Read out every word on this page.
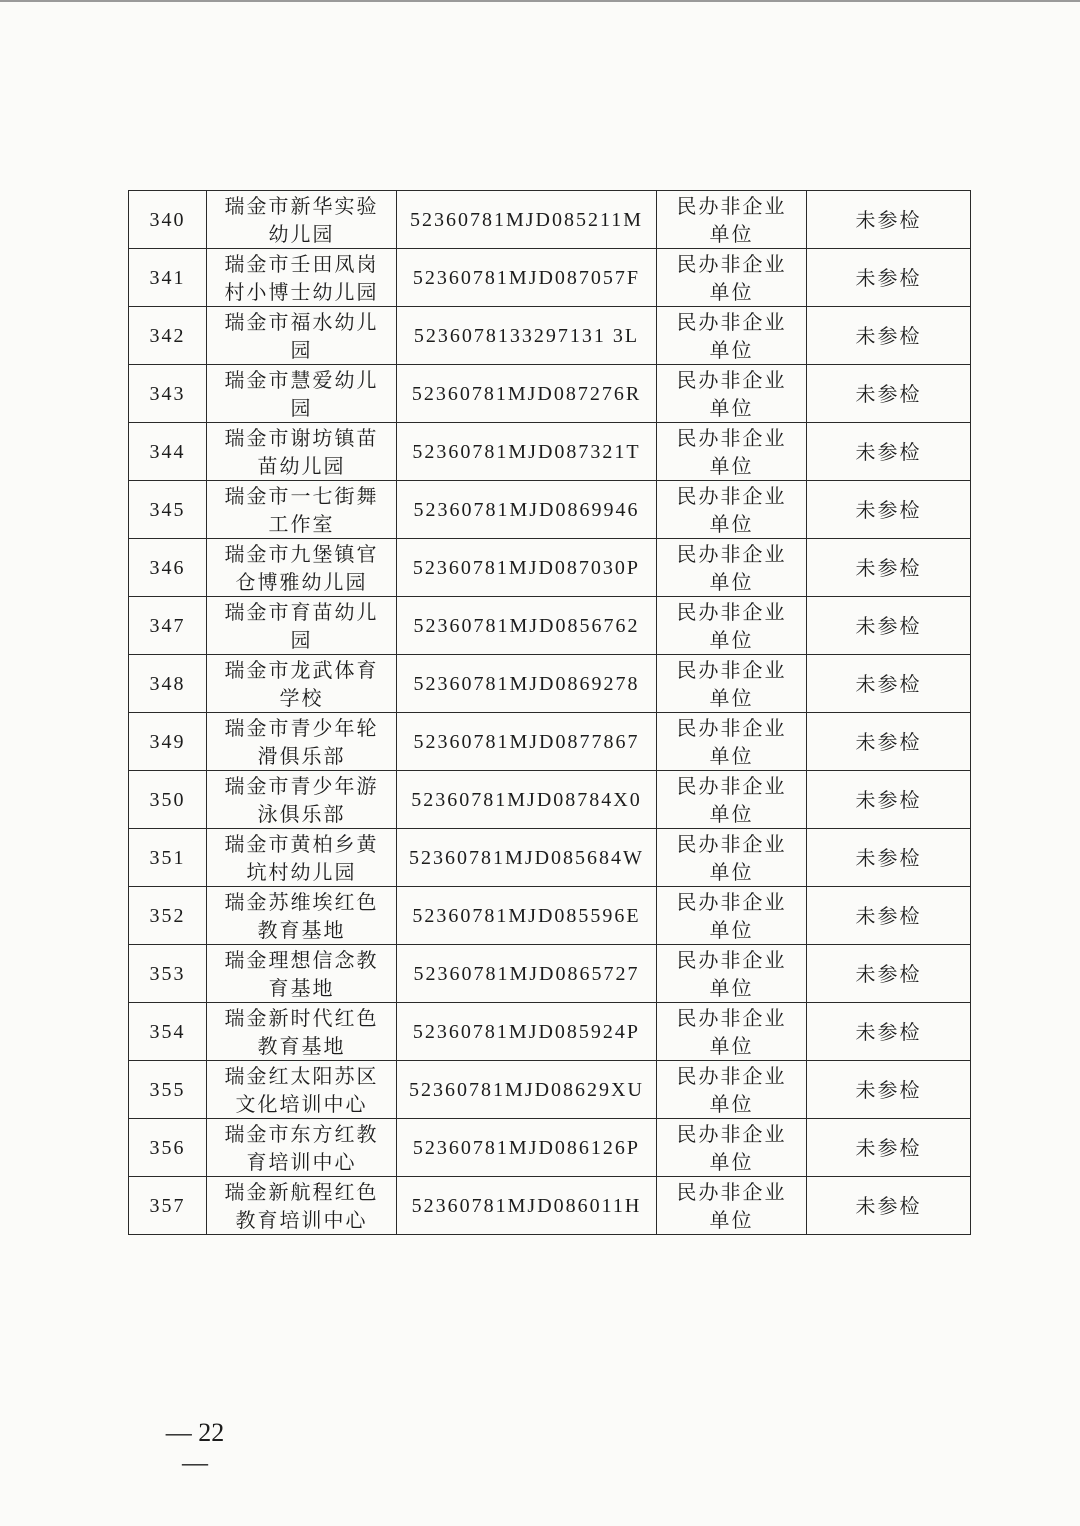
340	瑞金市新华实验幼儿园	52360781MJD085211M	民办非企业单位	未参检
341	瑞金市壬田凤岗村小博士幼儿园	52360781MJD087057F	民办非企业单位	未参检
342	瑞金市福水幼儿园	5236078133297131 3L	民办非企业单位	未参检
343	瑞金市慧爱幼儿园	52360781MJD087276R	民办非企业单位	未参检
344	瑞金市谢坊镇苗苗幼儿园	52360781MJD087321T	民办非企业单位	未参检
345	瑞金市一七街舞工作室	52360781MJD0869946	民办非企业单位	未参检
346	瑞金市九堡镇官仓博雅幼儿园	52360781MJD087030P	民办非企业单位	未参检
347	瑞金市育苗幼儿园	52360781MJD0856762	民办非企业单位	未参检
348	瑞金市龙武体育学校	52360781MJD0869278	民办非企业单位	未参检
349	瑞金市青少年轮滑俱乐部	52360781MJD0877867	民办非企业单位	未参检
350	瑞金市青少年游泳俱乐部	52360781MJD08784X0	民办非企业单位	未参检
351	瑞金市黄柏乡黄坑村幼儿园	52360781MJD085684W	民办非企业单位	未参检
352	瑞金苏维埃红色教育基地	52360781MJD085596E	民办非企业单位	未参检
353	瑞金理想信念教育基地	52360781MJD0865727	民办非企业单位	未参检
354	瑞金新时代红色教育基地	52360781MJD085924P	民办非企业单位	未参检
355	瑞金红太阳苏区文化培训中心	52360781MJD08629XU	民办非企业单位	未参检
356	瑞金市东方红教育培训中心	52360781MJD086126P	民办非企业单位	未参检
357	瑞金新航程红色教育培训中心	52360781MJD086011H	民办非企业单位	未参检
— 22 —
